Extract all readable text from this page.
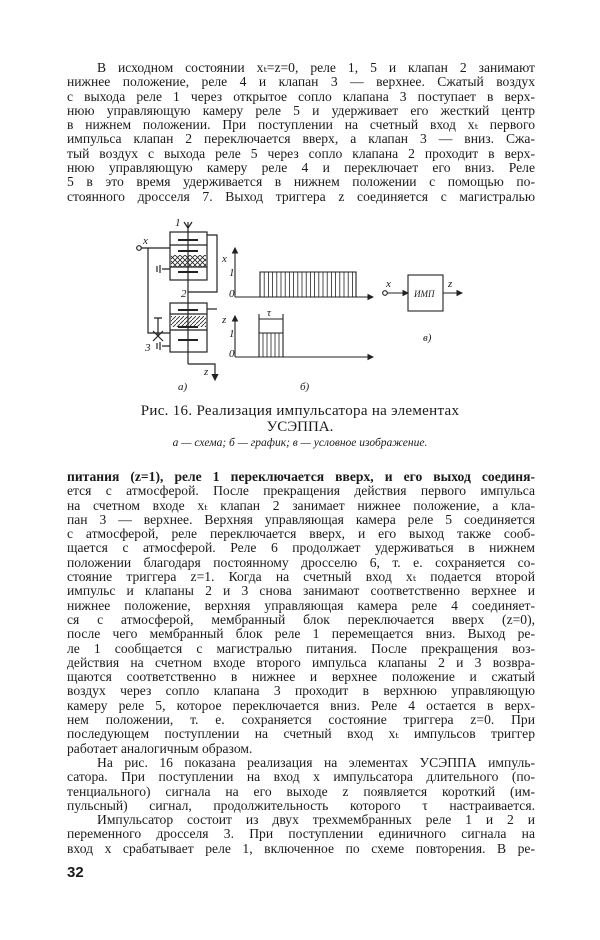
В исходном состоянии xₜ=z=0, реле 1, 5 и клапан 2 занимают
нижнее положение, реле 4 и клапан 3 — верхнее. Сжатый воздух
с выхода реле 1 через открытое сопло клапана 3 поступает в верх-
нюю управляющую камеру реле 5 и удерживает его жесткий центр
в нижнем положении. При поступлении на счетный вход xₜ первого
импульса клапан 2 переключается вверх, а клапан 3 — вниз. Сжа-
тый воздух с выхода реле 5 через сопло клапана 2 проходит в верх-
нюю управляющую камеру реле 4 и переключает его вниз. Реле
5 в это время удерживается в нижнем положении с помощью по-
стоянного дросселя 7. Выход триггера z соединяется с магистралью
1
x
2
3
z
x
1
0
z
1
0
τ
ИМП
x	z
а)	б)
в)
Рис. 16. Реализация импульсатора на элементах
УСЭППА.
а — схема; б — график; в — условное изображение.
питания (z=1), реле 1 переключается вверх, и его выход соединя-
ется с атмосферой. После прекращения действия первого импульса
на счетном входе xₜ клапан 2 занимает нижнее положение, а кла-
пан 3 — верхнее. Верхняя управляющая камера реле 5 соединяется
с атмосферой, реле переключается вверх, и его выход также сооб-
щается с атмосферой. Реле 6 продолжает удерживаться в нижнем
положении благодаря постоянному дросселю 6, т. е. сохраняется со-
стояние триггера z=1. Когда на счетный вход xₜ подается второй
импульс и клапаны 2 и 3 снова занимают соответственно верхнее и
нижнее положение, верхняя управляющая камера реле 4 соединяет-
ся с атмосферой, мембранный блок переключается вверх (z=0),
после чего мембранный блок реле 1 перемещается вниз. Выход ре-
ле 1 сообщается с магистралью питания. После прекращения воз-
действия на счетном входе второго импульса клапаны 2 и 3 возвра-
щаются соответственно в нижнее и верхнее положение и сжатый
воздух через сопло клапана 3 проходит в верхнюю управляющую
камеру реле 5, которое переключается вниз. Реле 4 остается в верх-
нем положении, т. е. сохраняется состояние триггера z=0. При
последующем поступлении на счетный вход xₜ импульсов триггер
работает аналогичным образом.
На рис. 16 показана реализация на элементах УСЭППА импуль-
сатора. При поступлении на вход x импульсатора длительного (по-
тенциального) сигнала на его выходе z появляется короткий (им-
пульсный) сигнал, продолжительность которого τ настраивается.
Импульсатор состоит из двух трехмембранных реле 1 и 2 и
переменного дросселя 3. При поступлении единичного сигнала на
вход x срабатывает реле 1, включенное по схеме повторения. В ре-
32
